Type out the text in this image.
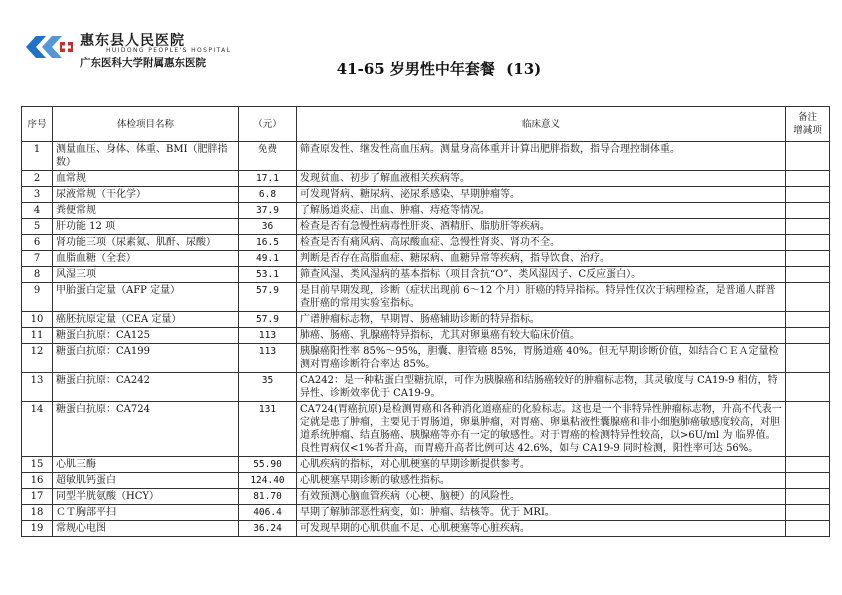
惠东县人民医院
HUIDONG PEOPLE'S HOSPITAL
广东医科大学附属惠东医院	41-65 岁男性中年套餐 (13)
序号	体检项目名称	（元）	临床意义	备注
增减项

1	测量血压、身体、体重、BMI（肥胖指数）	免费	筛查原发性、继发性高血压病。测量身高体重并计算出肥胖指数，指导合理控制体重。	
2	血常规	17.1	发现贫血、初步了解血液相关疾病等。	
3	尿液常规（干化学）	6.8	可发现肾病、糖尿病、泌尿系感染、早期肿瘤等。	
4	粪便常规	37.9	了解肠道炎症、出血、肿瘤、痔疮等情况。	
5	肝功能 12 项	36	检查是否有急慢性病毒性肝炎、酒精肝、脂肪肝等疾病。	
6	肾功能三项（尿素氮、肌酐、尿酸）	16.5	检查是否有痛风病、高尿酸血症、急慢性肾炎、肾功不全。	
7	血脂血糖（全套）	49.1	判断是否存在高脂血症、糖尿病、血糖异常等疾病，指导饮食、治疗。	
8	风湿三项	53.1	筛查风湿、类风湿病的基本指标（项目含抗“O”、类风湿因子、C反应蛋白）。	
9	甲胎蛋白定量（AFP 定量）	57.9	是目前早期发现，诊断（症状出现前 6～12 个月）肝癌的特异指标。特异性仅次于病理检查，是普通人群普查肝癌的常用实验室指标。	
10	癌胚抗原定量（CEA 定量）	57.9	广谱肿瘤标志物，早期胃、肠癌辅助诊断的特异指标。	
11	糖蛋白抗原：CA125	113	肺癌、肠癌、乳腺癌特异指标，尤其对卵巢癌有较大临床价值。	
12	糖蛋白抗原：CA199	113	胰腺癌阳性率 85%～95%，胆囊、胆管癌 85%，胃肠道癌 40%。但无早期诊断价值，如结合ＣＥＡ定量检测对胃癌诊断符合率达 85%。	
13	糖蛋白抗原：CA242	35	CA242：是一种粘蛋白型糖抗原，可作为胰腺癌和结肠癌较好的肿瘤标志物，其灵敏度与 CA19-9 相仿，特异性、诊断效率优于 CA19-9。	
14	糖蛋白抗原：CA724	131	CA724(胃癌抗原)是检测胃癌和各种消化道癌症的化验标志。这也是一个非特异性肿瘤标志物，升高不代表一定就是患了肿瘤，主要见于胃肠道，卵巢肿瘤，对胃癌、卵巢粘液性囊腺癌和非小细胞肺癌敏感度较高，对胆道系统肿瘤、结直肠癌、胰腺癌等亦有一定的敏感性。对于胃癌的检测特异性较高，以>6U/ml 为 临界值。良性胃病仅<1%者升高，而胃癌升高者比例可达 42.6%，如与 CA19-9 同时检测，阳性率可达 56%。	
15	心肌三酶	55.90	心肌疾病的指标，对心肌梗塞的早期诊断提供参考。	
16	超敏肌钙蛋白	124.40	心肌梗塞早期诊断的敏感性指标。	
17	同型半胱氨酸（HCY）	81.70	有效预测心脑血管疾病（心梗、脑梗）的风险性。	
18	ＣＴ胸部平扫	406.4	早期了解肺部恶性病变，如：肿瘤、结核等。优于 MRI。	
19	常规心电图	36.24	可发现早期的心肌供血不足、心肌梗塞等心脏疾病。	
